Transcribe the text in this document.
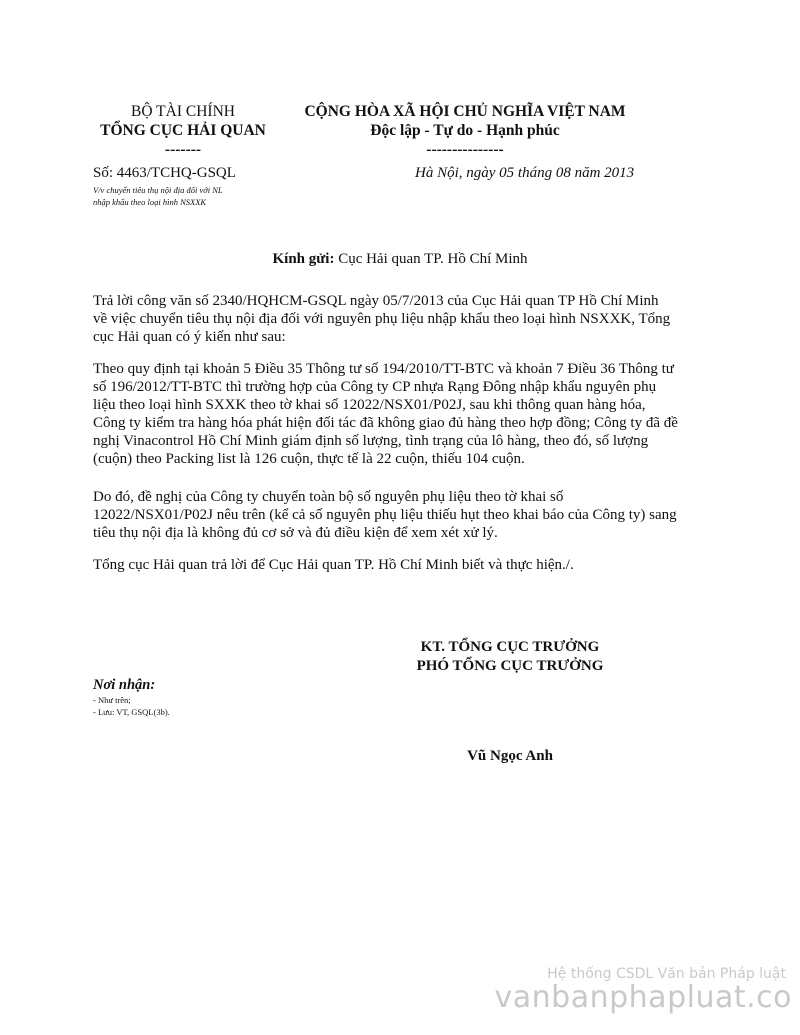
BỘ TÀI CHÍNH
TỔNG CỤC HẢI QUAN
-------
CỘNG HÒA XÃ HỘI CHỦ NGHĨA VIỆT NAM
Độc lập - Tự do - Hạnh phúc
---------------
Số: 4463/TCHQ-GSQL
V/v chuyển tiêu thụ nội địa đối với NL
nhập khẩu theo loại hình NSXXK
Hà Nội, ngày 05 tháng 08 năm 2013
Kính gửi: Cục Hải quan TP. Hồ Chí Minh
Trả lời công văn số 2340/HQHCM-GSQL ngày 05/7/2013 của Cục Hải quan TP Hồ Chí Minh
về việc chuyển tiêu thụ nội địa đối với nguyên phụ liệu nhập khẩu theo loại hình NSXXK, Tổng
cục Hải quan có ý kiến như sau:
Theo quy định tại khoản 5 Điều 35 Thông tư số 194/2010/TT-BTC và khoản 7 Điều 36 Thông tư
số 196/2012/TT-BTC thì trường hợp của Công ty CP nhựa Rạng Đông nhập khẩu nguyên phụ
liệu theo loại hình SXXK theo tờ khai số 12022/NSX01/P02J, sau khi thông quan hàng hóa,
Công ty kiểm tra hàng hóa phát hiện đối tác đã không giao đủ hàng theo hợp đồng; Công ty đã đề
nghị Vinacontrol Hồ Chí Minh giám định số lượng, tình trạng của lô hàng, theo đó, số lượng
(cuộn) theo Packing list là 126 cuộn, thực tế là 22 cuộn, thiếu 104 cuộn.
Do đó, đề nghị của Công ty chuyển toàn bộ số nguyên phụ liệu theo tờ khai số
12022/NSX01/P02J nêu trên (kể cả số nguyên phụ liệu thiếu hụt theo khai báo của Công ty) sang
tiêu thụ nội địa là không đủ cơ sở và đủ điều kiện để xem xét xử lý.
Tổng cục Hải quan trả lời để Cục Hải quan TP. Hồ Chí Minh biết và thực hiện./.
KT. TỔNG CỤC TRƯỞNG
PHÓ TỔNG CỤC TRƯỞNG
Vũ Ngọc Anh
Nơi nhận:
- Như trên;
- Lưu: VT, GSQL(3b).
Hệ thống CSDL Văn bản Pháp luật
vanbanphapluat.co
